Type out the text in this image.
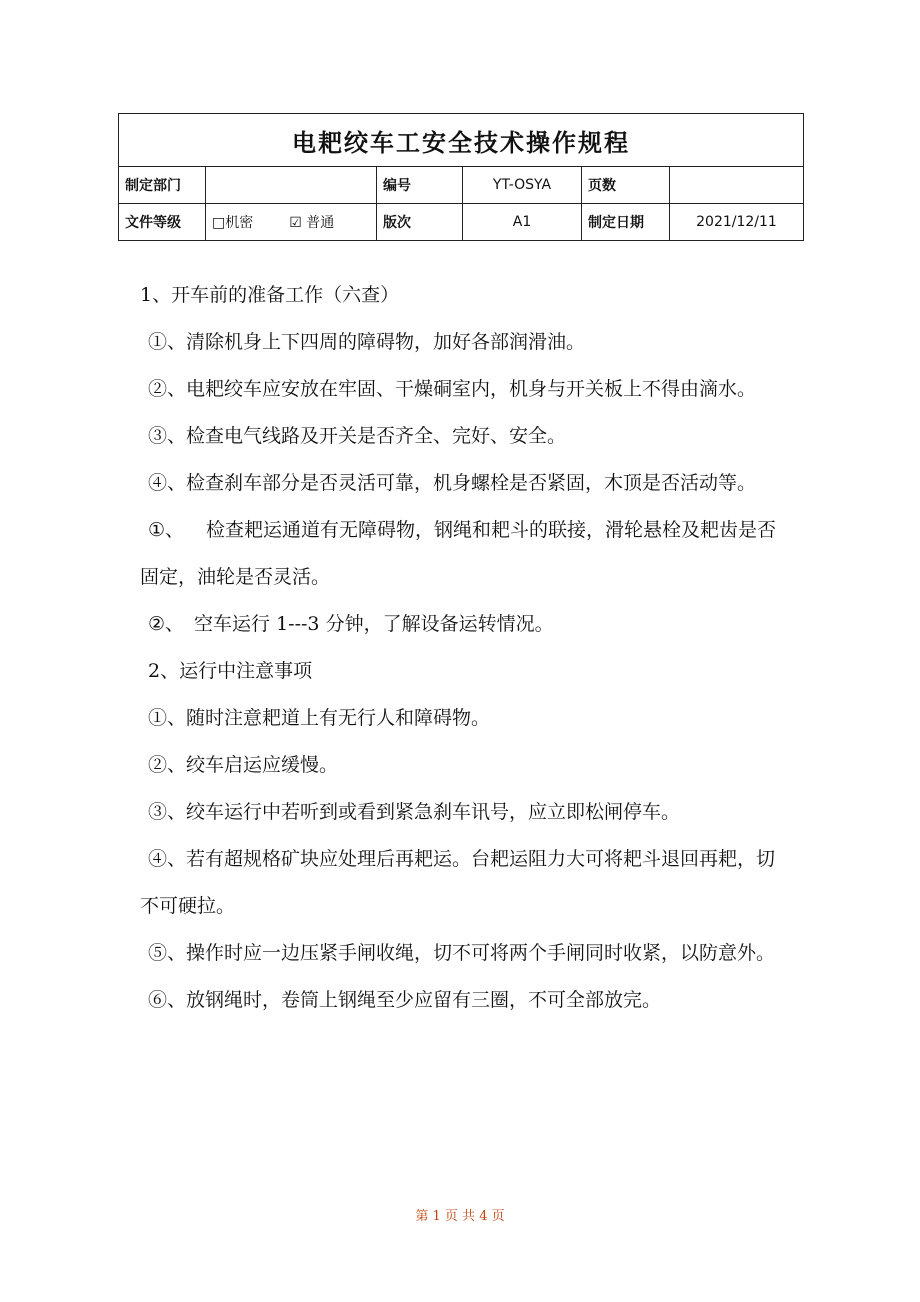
电耙绞车工安全技术操作规程					
制定部门		编号	YT-OSYA	页数	
文件等级	□机密 ☑ 普通	版次	A1	制定日期	2021/12/11

1、开车前的准备工作（六查）

①、清除机身上下四周的障碍物，加好各部润滑油。

②、电耙绞车应安放在牢固、干燥硐室内，机身与开关板上不得由滴水。

③、检查电气线路及开关是否齐全、完好、安全。

④、检查刹车部分是否灵活可靠，机身螺栓是否紧固，木顶是否活动等。

①、 检查耙运通道有无障碍物，钢绳和耙斗的联接，滑轮悬栓及耙齿是否固定，油轮是否灵活。

②、 空车运行 1---3 分钟，了解设备运转情况。

2、运行中注意事项

①、随时注意耙道上有无行人和障碍物。

②、绞车启运应缓慢。

③、绞车运行中若听到或看到紧急刹车讯号，应立即松闸停车。

④、若有超规格矿块应处理后再耙运。台耙运阻力大可将耙斗退回再耙，切不可硬拉。

⑤、操作时应一边压紧手闸收绳，切不可将两个手闸同时收紧，以防意外。

⑥、放钢绳时，卷筒上钢绳至少应留有三圈，不可全部放完。

第 1 页 共 4 页
